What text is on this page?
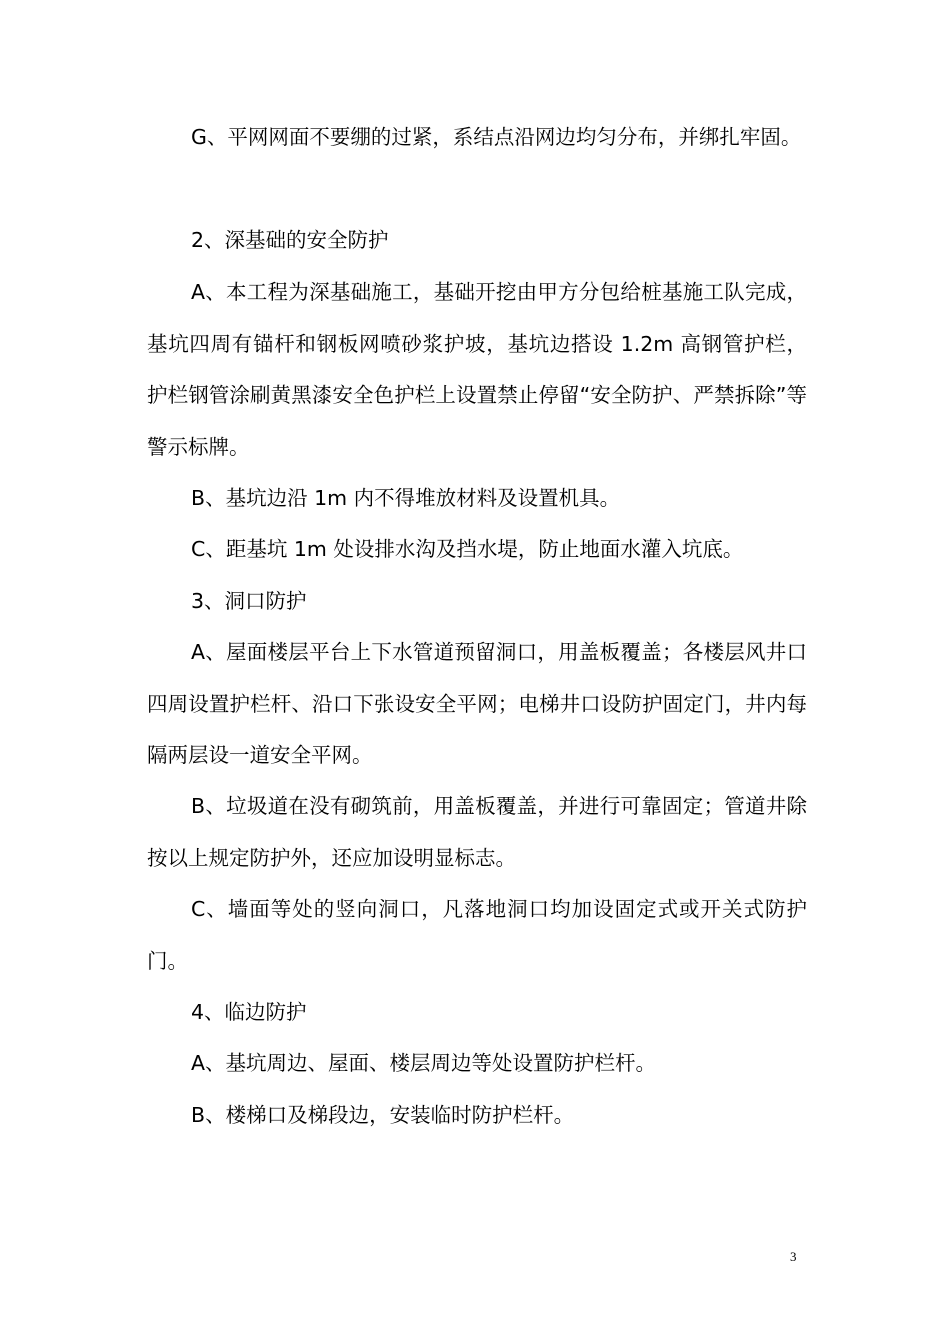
G、平网网面不要绷的过紧，系结点沿网边均匀分布，并绑扎牢固。

2、深基础的安全防护

A、本工程为深基础施工，基础开挖由甲方分包给桩基施工队完成，基坑四周有锚杆和钢板网喷砂浆护坡，基坑边搭设 1.2m 高钢管护栏，护栏钢管涂刷黄黑漆安全色护栏上设置禁止停留“安全防护、严禁拆除”等警示标牌。

B、基坑边沿 1m 内不得堆放材料及设置机具。

C、距基坑 1m 处设排水沟及挡水堤，防止地面水灌入坑底。

3、洞口防护

A、屋面楼层平台上下水管道预留洞口，用盖板覆盖；各楼层风井口四周设置护栏杆、沿口下张设安全平网；电梯井口设防护固定门，井内每隔两层设一道安全平网。

B、垃圾道在没有砌筑前，用盖板覆盖，并进行可靠固定；管道井除按以上规定防护外，还应加设明显标志。

C、墙面等处的竖向洞口，凡落地洞口均加设固定式或开关式防护门。

4、临边防护

A、基坑周边、屋面、楼层周边等处设置防护栏杆。

B、楼梯口及梯段边，安装临时防护栏杆。

3
